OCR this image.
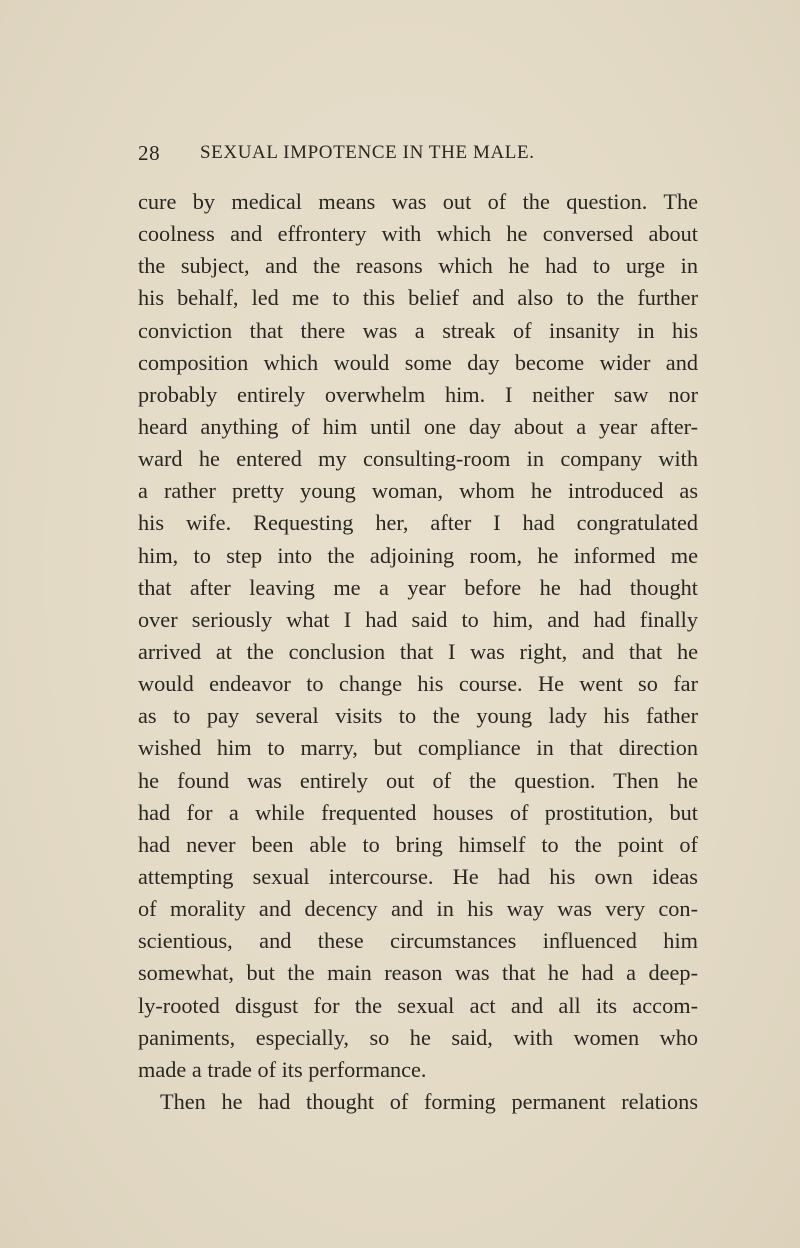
28 SEXUAL IMPOTENCE IN THE MALE.
cure by medical means was out of the question. The
coolness and effrontery with which he conversed about
the subject, and the reasons which he had to urge in
his behalf, led me to this belief and also to the further
conviction that there was a streak of insanity in his
composition which would some day become wider and
probably entirely overwhelm him. I neither saw nor
heard anything of him until one day about a year after-
ward he entered my consulting-room in company with
a rather pretty young woman, whom he introduced as
his wife. Requesting her, after I had congratulated
him, to step into the adjoining room, he informed me
that after leaving me a year before he had thought
over seriously what I had said to him, and had finally
arrived at the conclusion that I was right, and that he
would endeavor to change his course. He went so far
as to pay several visits to the young lady his father
wished him to marry, but compliance in that direction
he found was entirely out of the question. Then he
had for a while frequented houses of prostitution, but
had never been able to bring himself to the point of
attempting sexual intercourse. He had his own ideas
of morality and decency and in his way was very con-
scientious, and these circumstances influenced him
somewhat, but the main reason was that he had a deep-
ly-rooted disgust for the sexual act and all its accom-
paniments, especially, so he said, with women who
made a trade of its performance.
Then he had thought of forming permanent relations
